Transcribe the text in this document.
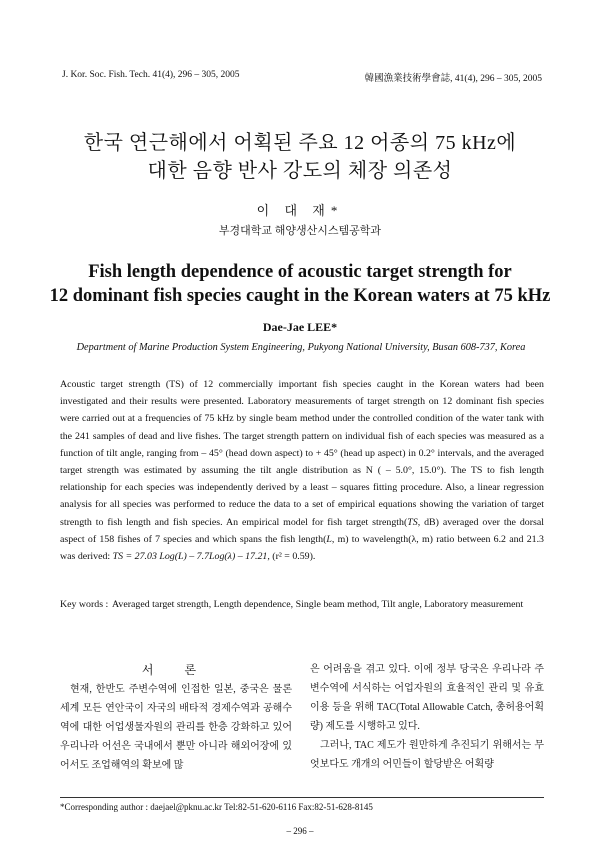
J. Kor. Soc. Fish. Tech. 41(4), 296 – 305, 2005	韓國漁業技術學會誌, 41(4), 296 – 305, 2005
한국 연근해에서 어획된 주요 12 어종의 75 kHz에
대한 음향 반사 강도의 체장 의존성
이 대 재*
부경대학교 해양생산시스템공학과
Fish length dependence of acoustic target strength for
12 dominant fish species caught in the Korean waters at 75 kHz
Dae-Jae LEE*
Department of Marine Production System Engineering, Pukyong National University, Busan 608-737, Korea
Acoustic target strength (TS) of 12 commercially important fish species caught in the Korean waters had been investigated and their results were presented. Laboratory measurements of target strength on 12 dominant fish species were carried out at a frequencies of 75 kHz by single beam method under the controlled condition of the water tank with the 241 samples of dead and live fishes. The target strength pattern on individual fish of each species was measured as a function of tilt angle, ranging from – 45° (head down aspect) to + 45° (head up aspect) in 0.2° intervals, and the averaged target strength was estimated by assuming the tilt angle distribution as N ( – 5.0°, 15.0°). The TS to fish length relationship for each species was independently derived by a least – squares fitting procedure. Also, a linear regression analysis for all species was performed to reduce the data to a set of empirical equations showing the variation of target strength to fish length and fish species. An empirical model for fish target strength(TS, dB) averaged over the dorsal aspect of 158 fishes of 7 species and which spans the fish length(L, m) to wavelength(λ, m) ratio between 6.2 and 21.3 was derived: TS = 27.03 Log(L) – 7.7Log(λ) – 17.21, (r² = 0.59).
Key words : Averaged target strength, Length dependence, Single beam method, Tilt angle, Laboratory measurement
서 론

현재, 한반도 주변수역에 인접한 일본, 중국은 물론 세계 모든 연안국이 자국의 배타적 경제수역과 공해수역에 대한 어업생물자원의 관리를 한층 강화하고 있어 우리나라 어선은 국내에서 뿐만 아니라 해외어장에 있어서도 조업해역의 확보에 많

은 어려움을 겪고 있다. 이에 정부 당국은 우리나라 주변수역에 서식하는 어업자원의 효율적인 관리 및 유효이용 등을 위해 TAC(Total Allowable Catch, 총허용어획량) 제도를 시행하고 있다.

그러나, TAC 제도가 원만하게 추진되기 위해서는 무엇보다도 개개의 어민들이 할당받은 어획량

*Corresponding author : daejael@pknu.ac.kr Tel:82-51-620-6116 Fax:82-51-628-8145
– 296 –
